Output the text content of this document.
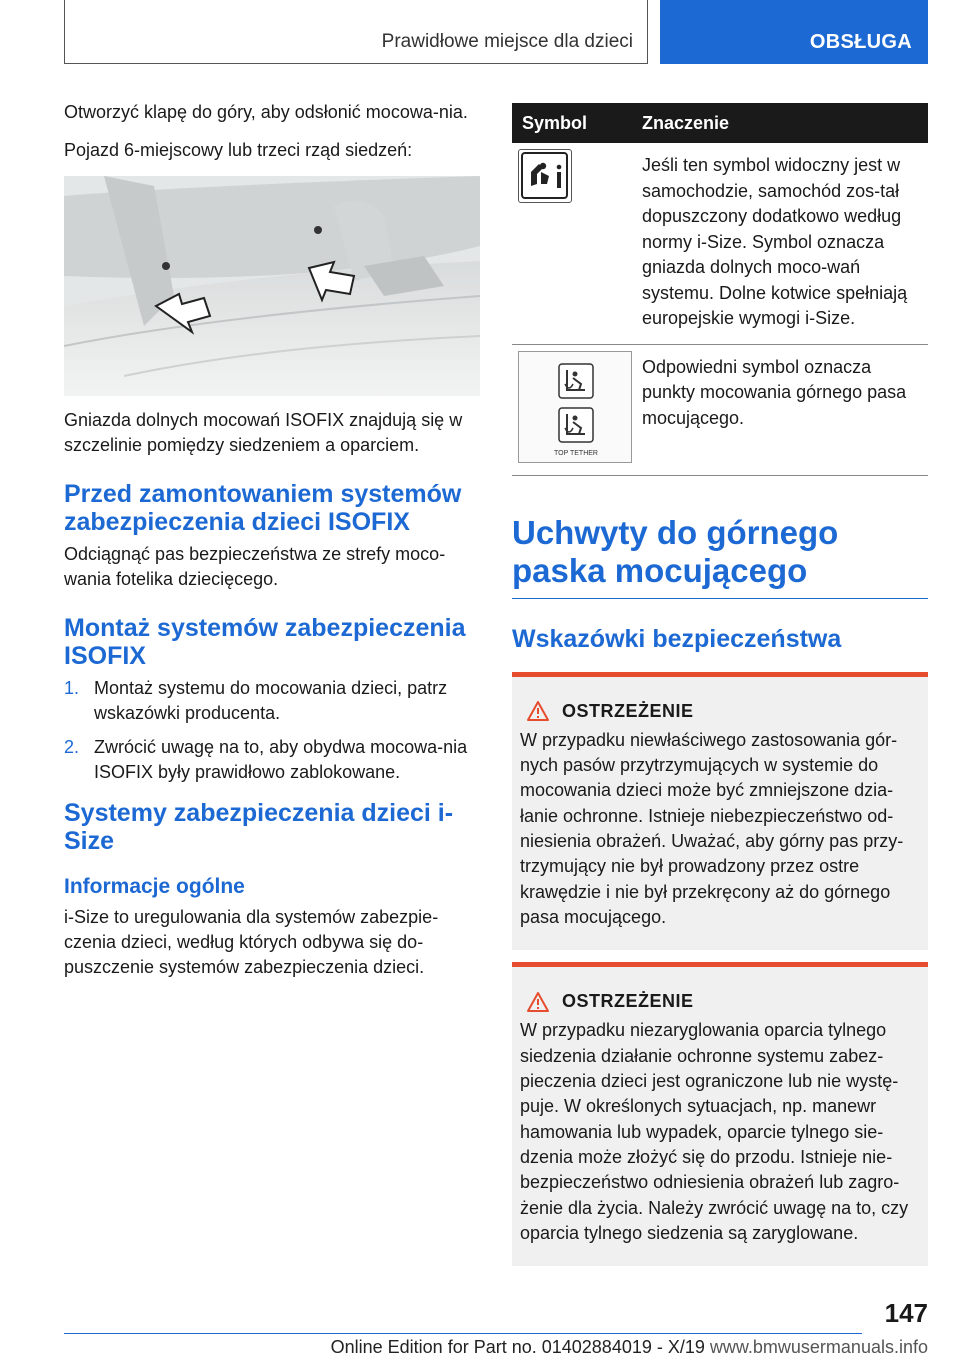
Prawidłowe miejsce dla dzieci	OBSŁUGA

Otworzyć klapę do góry, aby odsłonić mocowa-nia.

Pojazd 6-miejscowy lub trzeci rząd siedzeń:

Gniazda dolnych mocowań ISOFIX znajdują się w szczelinie pomiędzy siedzeniem a oparciem.

Przed zamontowaniem systemów zabezpieczenia dzieci ISOFIX

Odciągnąć pas bezpieczeństwa ze strefy moco-wania fotelika dziecięcego.

Montaż systemów zabezpieczenia ISOFIX
1. Montaż systemu do mocowania dzieci, patrz wskazówki producenta.
2. Zwrócić uwagę na to, aby obydwa mocowa-nia ISOFIX były prawidłowo zablokowane.
Systemy zabezpieczenia dzieci i-Size
Informacje ogólne

i-Size to uregulowania dla systemów zabezpie-czenia dzieci, według których odbywa się do-puszczenie systemów zabezpieczenia dzieci.

Symbol	Znaczenie

	Jeśli ten symbol widoczny jest w samochodzie, samochód zos-tał dopuszczony dodatkowo według normy i-Size. Symbol oznacza gniazda dolnych moco-wań systemu. Dolne kotwice spełniają europejskie wymogi i-Size.

TOP TETHER	Odpowiedni symbol oznacza punkty mocowania górnego pasa mocującego.
Uchwyty do górnego paska mocującego
Wskazówki bezpieczeństwa
OSTRZEŻENIE
W przypadku niewłaściwego zastosowania gór-nych pasów przytrzymujących w systemie do mocowania dzieci może być zmniejszone dzia-łanie ochronne. Istnieje niebezpieczeństwo od-niesienia obrażeń. Uważać, aby górny pas przy-trzymujący nie był prowadzony przez ostre krawędzie i nie był przekręcony aż do górnego pasa mocującego.
OSTRZEŻENIE
W przypadku niezaryglowania oparcia tylnego siedzenia działanie ochronne systemu zabez-pieczenia dzieci jest ograniczone lub nie wystę-puje. W określonych sytuacjach, np. manewr hamowania lub wypadek, oparcie tylnego sie-dzenia może złożyć się do przodu. Istnieje nie-bezpieczeństwo odniesienia obrażeń lub zagro-żenie dla życia. Należy zwrócić uwagę na to, czy oparcia tylnego siedzenia są zaryglowane.
147
Online Edition for Part no. 01402884019 - X/19 www.bmwusermanuals.info
